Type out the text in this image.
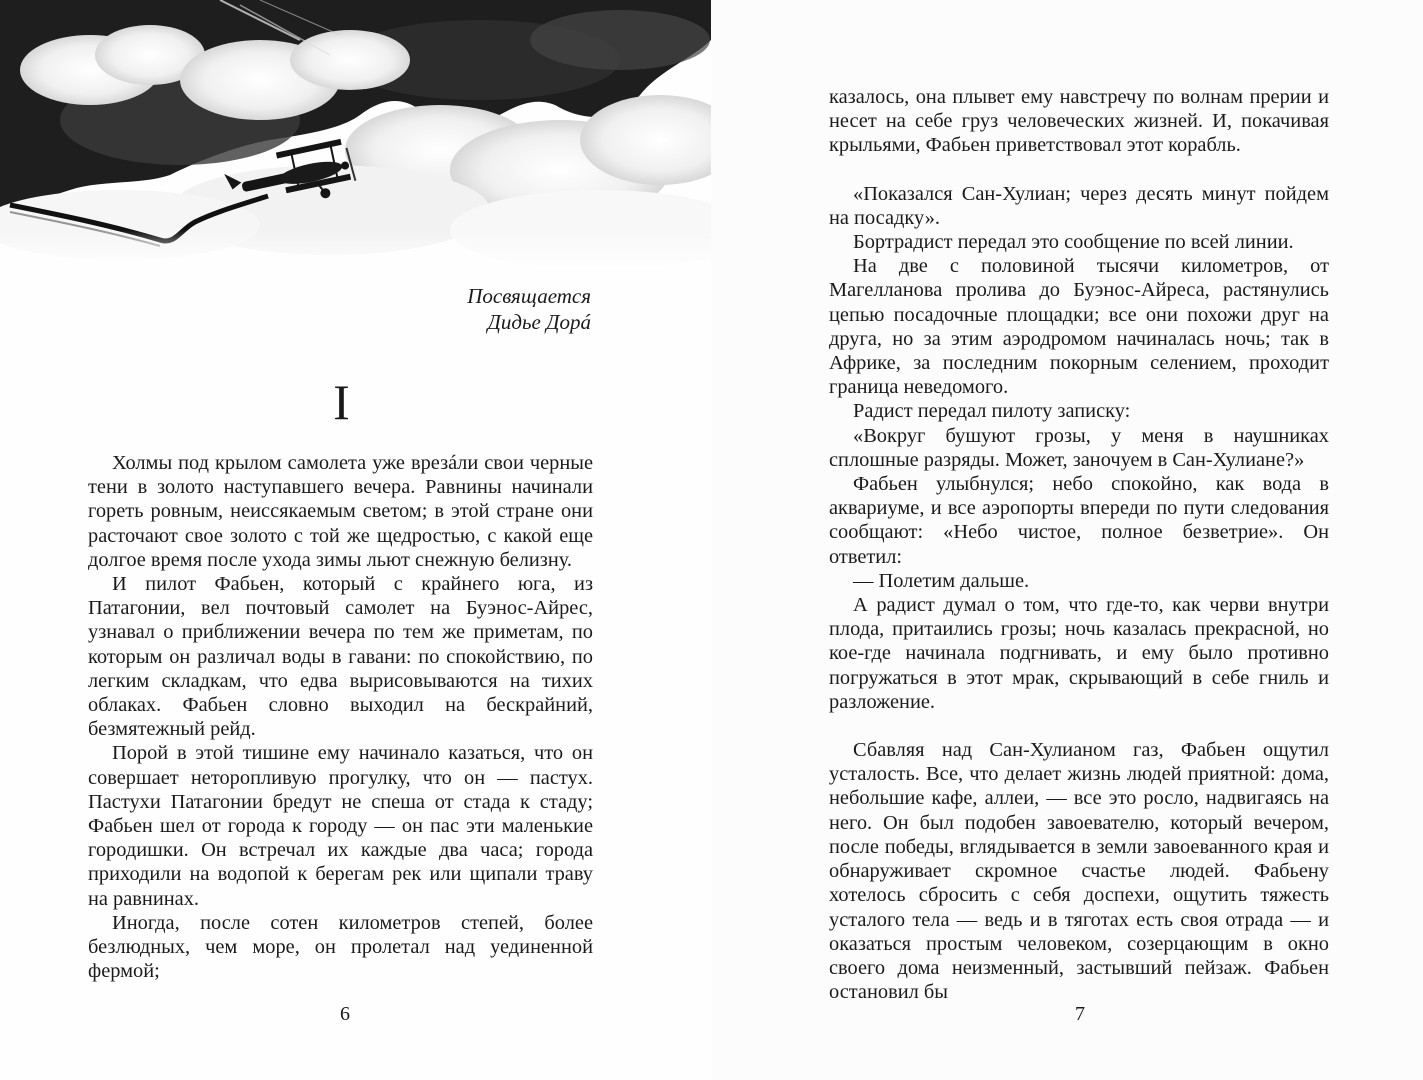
Посвящается
Дидье Дорá
I

Холмы под крылом самолета уже врезáли свои черные тени в золото наступавшего вечера. Равнины начинали гореть ровным, неиссякаемым светом; в этой стране они расточают свое золото с той же щедростью, с какой еще долгое время после ухода зимы льют снежную белизну.

И пилот Фабьен, который с крайнего юга, из Патагонии, вел почтовый самолет на Буэнос-Айрес, узнавал о приближении вечера по тем же приметам, по которым он различал воды в гавани: по спокойствию, по легким складкам, что едва вырисовываются на тихих облаках. Фабьен словно выходил на бескрайний, безмятежный рейд.

Порой в этой тишине ему начинало казаться, что он совершает неторопливую прогулку, что он — пастух. Пастухи Патагонии бредут не спеша от стада к стаду; Фабьен шел от города к городу — он пас эти маленькие городишки. Он встречал их каждые два часа; города приходили на водопой к берегам рек или щипали траву на равнинах.

Иногда, после сотен километров степей, более безлюдных, чем море, он пролетал над уединенной фермой;

6

казалось, она плывет ему навстречу по волнам прерии и несет на себе груз человеческих жизней. И, покачивая крыльями, Фабьен приветствовал этот корабль.

«Показался Сан-Хулиан; через десять минут пойдем на посадку».

Бортрадист передал это сообщение по всей линии.

На две с половиной тысячи километров, от Магелланова пролива до Буэнос-Айреса, растянулись цепью посадочные площадки; все они похожи друг на друга, но за этим аэродромом начиналась ночь; так в Африке, за последним покорным селением, проходит граница неведомого.

Радист передал пилоту записку:

«Вокруг бушуют грозы, у меня в наушниках сплошные разряды. Может, заночуем в Сан-Хулиане?»

Фабьен улыбнулся; небо спокойно, как вода в аквариуме, и все аэропорты впереди по пути следования сообщают: «Небо чистое, полное безветрие». Он ответил:

— Полетим дальше.

А радист думал о том, что где-то, как черви внутри плода, притаились грозы; ночь казалась прекрасной, но кое-где начинала подгнивать, и ему было противно погружаться в этот мрак, скрывающий в себе гниль и разложение.

Сбавляя над Сан-Хулианом газ, Фабьен ощутил усталость. Все, что делает жизнь людей приятной: дома, небольшие кафе, аллеи, — все это росло, надвигаясь на него. Он был подобен завоевателю, который вечером, после победы, вглядывается в земли завоеванного края и обнаруживает скромное счастье людей. Фабьену хотелось сбросить с себя доспехи, ощутить тяжесть усталого тела — ведь и в тяготах есть своя отрада — и оказаться простым человеком, созерцающим в окно своего дома неизменный, застывший пейзаж. Фабьен остановил бы

7
